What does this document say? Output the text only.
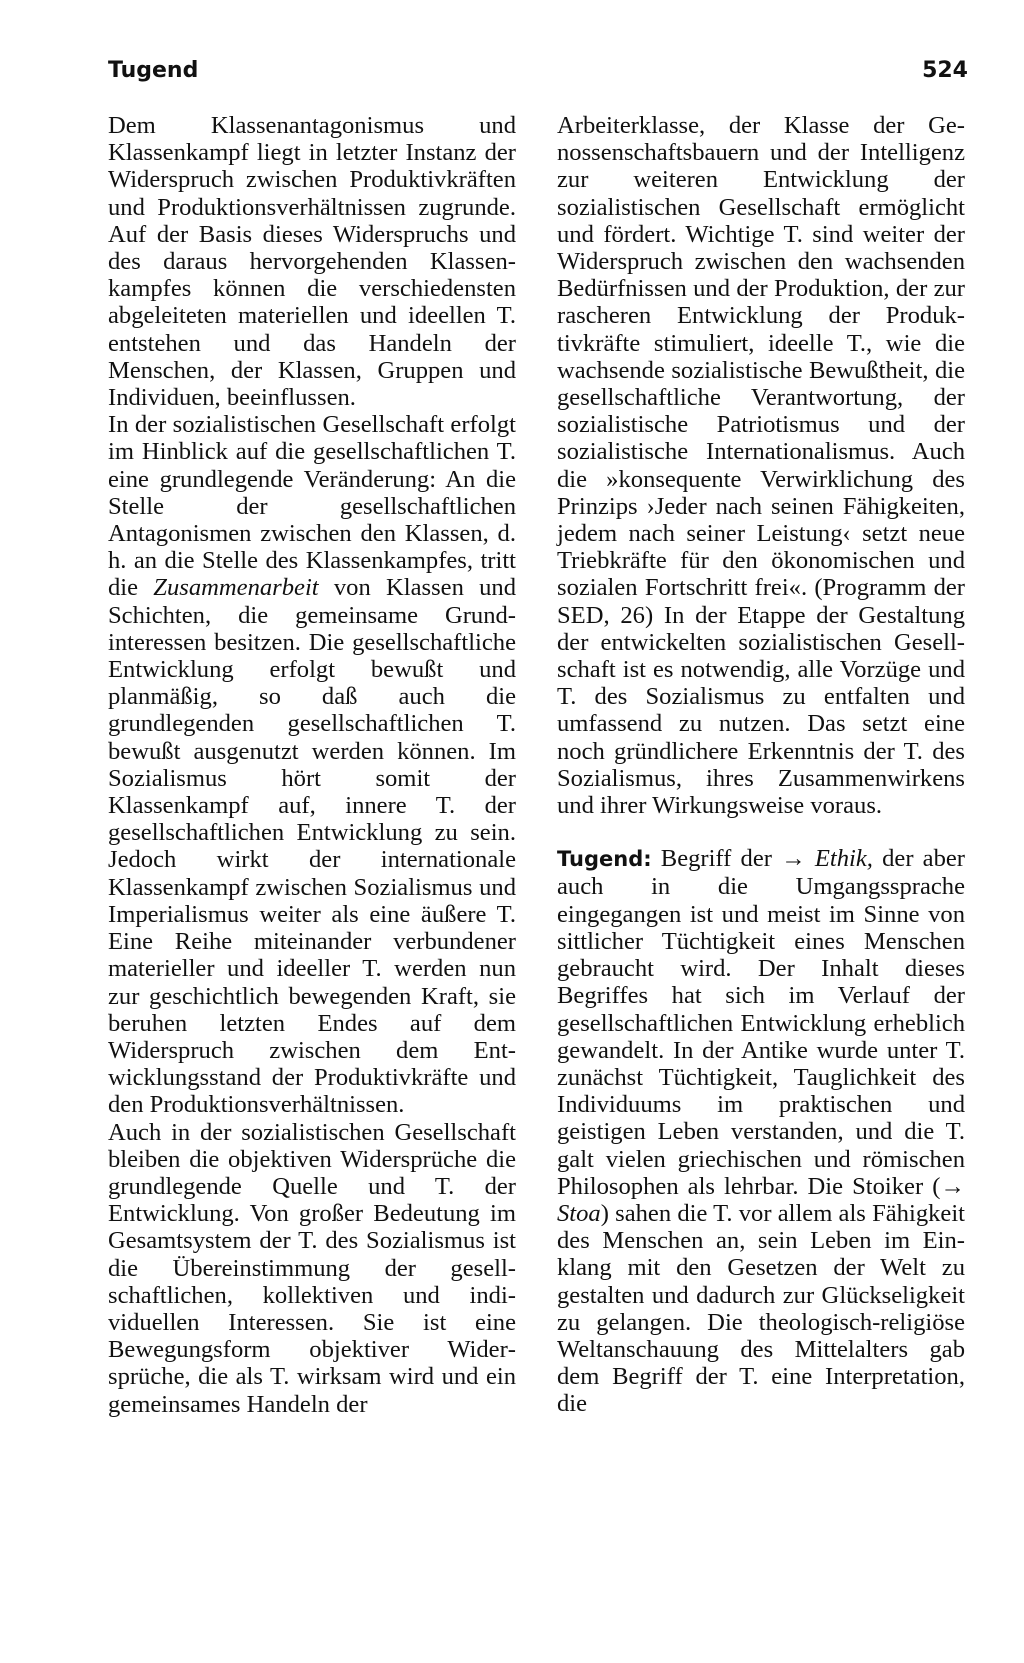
Tugend	524

Dem Klassenantagonismus und Klassenkampf liegt in letzter Instanz der Widerspruch zwischen Produktivkräften und Produktionsverhältnissen zugrunde. Auf der Basis dieses Widerspruchs und des daraus hervorgehenden Klassenkampfes können die verschiedensten abgeleiteten materiellen und ideellen T. entstehen und das Handeln der Menschen, der Klassen, Gruppen und Individuen, beeinflussen.

In der sozialistischen Gesellschaft erfolgt im Hinblick auf die gesellschaftlichen T. eine grundlegende Veränderung: An die Stelle der gesellschaftlichen Antagonismen zwischen den Klassen, d. h. an die Stelle des Klassenkampfes, tritt die Zusammenarbeit von Klassen und Schichten, die gemeinsame Grundinteressen besitzen. Die gesellschaftliche Entwicklung erfolgt bewußt und planmäßig, so daß auch die grundlegenden gesellschaftlichen T. bewußt ausgenutzt werden können. Im Sozialismus hört somit der Klassenkampf auf, innere T. der gesellschaftlichen Entwicklung zu sein. Jedoch wirkt der internationale Klassenkampf zwischen Sozialismus und Imperialismus weiter als eine äußere T. Eine Reihe miteinander verbundener materieller und ideeller T. werden nun zur geschichtlich bewegenden Kraft, sie beruhen letzten Endes auf dem Widerspruch zwischen dem Entwicklungsstand der Produktivkräfte und den Produktionsverhältnissen.

Auch in der sozialistischen Gesellschaft bleiben die objektiven Widersprüche die grundlegende Quelle und T. der Entwicklung. Von großer Bedeutung im Gesamtsystem der T. des Sozialismus ist die Übereinstimmung der gesellschaftlichen, kollektiven und individuellen Interessen. Sie ist eine Bewegungsform objektiver Widersprüche, die als T. wirksam wird und ein gemeinsames Handeln der

Arbeiterklasse, der Klasse der Genossenschaftsbauern und der Intelligenz zur weiteren Entwicklung der sozialistischen Gesellschaft ermöglicht und fördert. Wichtige T. sind weiter der Widerspruch zwischen den wachsenden Bedürfnissen und der Produktion, der zur rascheren Entwicklung der Produktivkräfte stimuliert, ideelle T., wie die wachsende sozialistische Bewußtheit, die gesellschaftliche Verantwortung, der sozialistische Patriotismus und der sozialistische Internationalismus. Auch die »konsequente Verwirklichung des Prinzips ›Jeder nach seinen Fähigkeiten, jedem nach seiner Leistung‹ setzt neue Triebkräfte für den ökonomischen und sozialen Fortschritt frei«. (Programm der SED, 26) In der Etappe der Gestaltung der entwickelten sozialistischen Gesellschaft ist es notwendig, alle Vorzüge und T. des Sozialismus zu entfalten und umfassend zu nutzen. Das setzt eine noch gründlichere Erkenntnis der T. des Sozialismus, ihres Zusammenwirkens und ihrer Wirkungsweise voraus.

Tugend: Begriff der → Ethik, der aber auch in die Umgangssprache eingegangen ist und meist im Sinne von sittlicher Tüchtigkeit eines Menschen gebraucht wird. Der Inhalt dieses Begriffes hat sich im Verlauf der gesellschaftlichen Entwicklung erheblich gewandelt. In der Antike wurde unter T. zunächst Tüchtigkeit, Tauglichkeit des Individuums im praktischen und geistigen Leben verstanden, und die T. galt vielen griechischen und römischen Philosophen als lehrbar. Die Stoiker (→ Stoa) sahen die T. vor allem als Fähigkeit des Menschen an, sein Leben im Einklang mit den Gesetzen der Welt zu gestalten und dadurch zur Glückseligkeit zu gelangen. Die theologisch-religiöse Weltanschauung des Mittelalters gab dem Begriff der T. eine Interpretation, die
